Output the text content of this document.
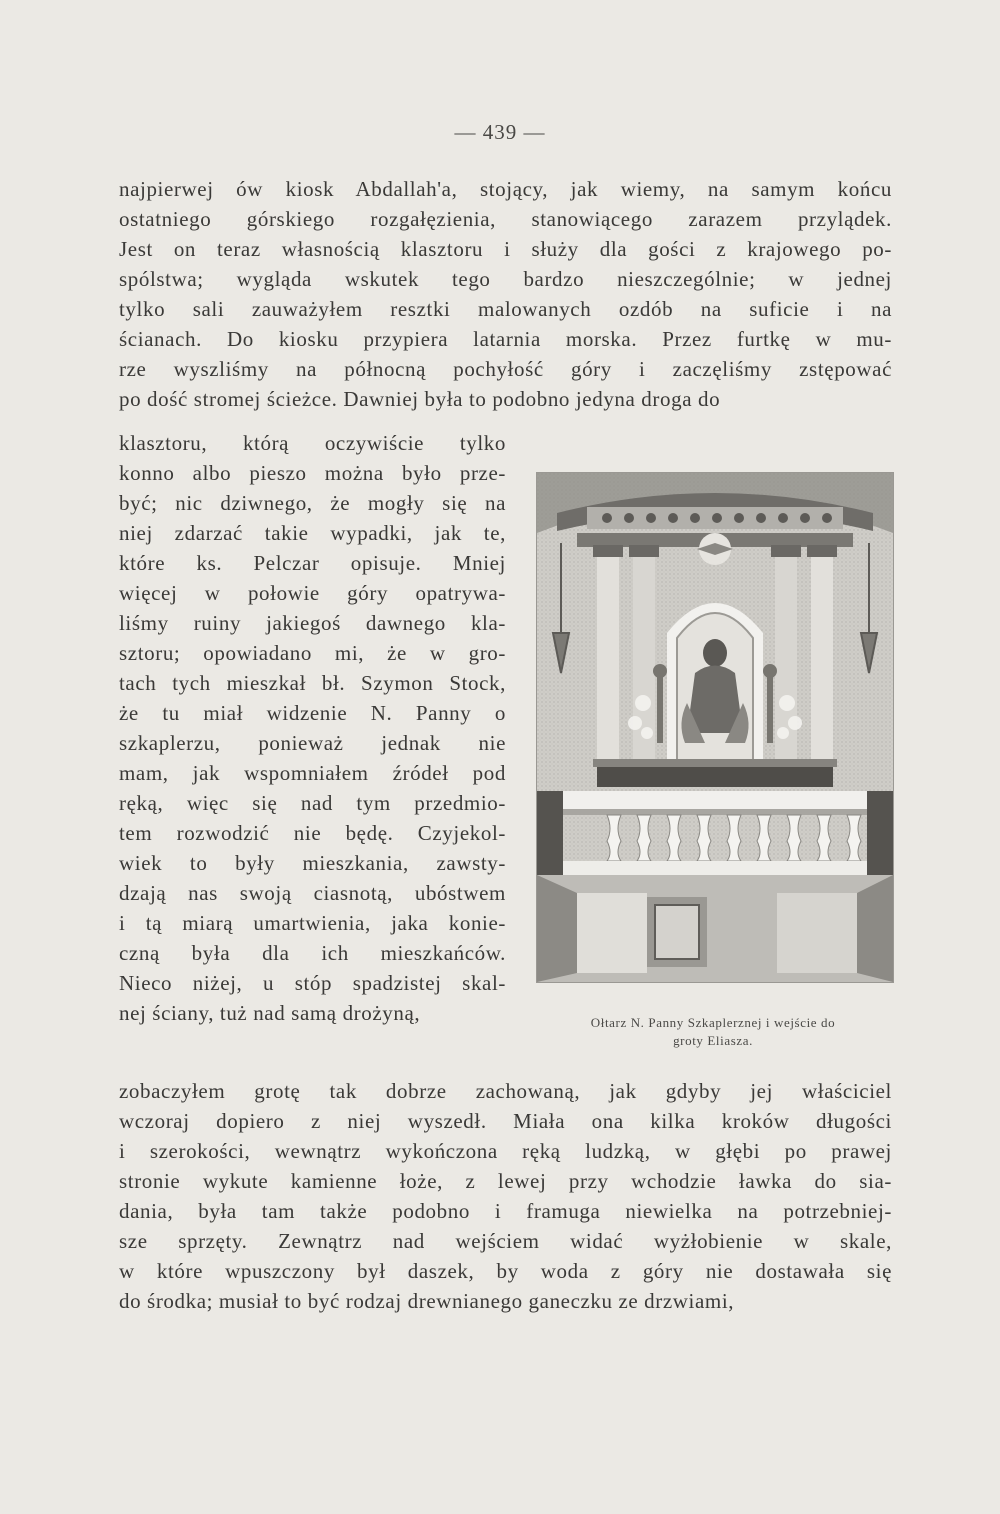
— 439 —
najpierwej ów kiosk Abdallah'a, stojący, jak wiemy, na samym końcu
ostatniego górskiego rozgałęzienia, stanowiącego zarazem przylądek.
Jest on teraz własnością klasztoru i służy dla gości z krajowego po-
spólstwa; wygląda wskutek tego bardzo nieszczególnie; w jednej
tylko sali zauważyłem resztki malowanych ozdób na suficie i na
ścianach. Do kiosku przypiera latarnia morska. Przez furtkę w mu-
rze wyszliśmy na północną pochyłość góry i zaczęliśmy zstępować
po dość stromej ścieżce. Dawniej była to podobno jedyna droga do
klasztoru, którą oczywiście tylko
konno albo pieszo można było prze-
być; nic dziwnego, że mogły się na
niej zdarzać takie wypadki, jak te,
które ks. Pelczar opisuje. Mniej
więcej w połowie góry opatrywa-
liśmy ruiny jakiegoś dawnego kla-
sztoru; opowiadano mi, że w gro-
tach tych mieszkał bł. Szymon Stock,
że tu miał widzenie N. Panny o
szkaplerzu, ponieważ jednak nie
mam, jak wspomniałem źródeł pod
ręką, więc się nad tym przedmio-
tem rozwodzić nie będę. Czyjekol-
wiek to były mieszkania, zawsty-
dzają nas swoją ciasnotą, ubóstwem
i tą miarą umartwienia, jaka konie-
czną była dla ich mieszkańców.
Nieco niżej, u stóp spadzistej skal-
nej ściany, tuż nad samą drożyną,
zobaczyłem grotę tak dobrze zachowaną, jak gdyby jej właściciel
wczoraj dopiero z niej wyszedł. Miała ona kilka kroków długości
i szerokości, wewnątrz wykończona ręką ludzką, w głębi po prawej
stronie wykute kamienne łoże, z lewej przy wchodzie ławka do sia-
dania, była tam także podobno i framuga niewielka na potrzebniej-
sze sprzęty. Zewnątrz nad wejściem widać wyżłobienie w skale,
w które wpuszczony był daszek, by woda z góry nie dostawała się
do środka; musiał to być rodzaj drewnianego ganeczku ze drzwiami,
Ołtarz N. Panny Szkaplerznej i wejście do
groty Eliasza.
